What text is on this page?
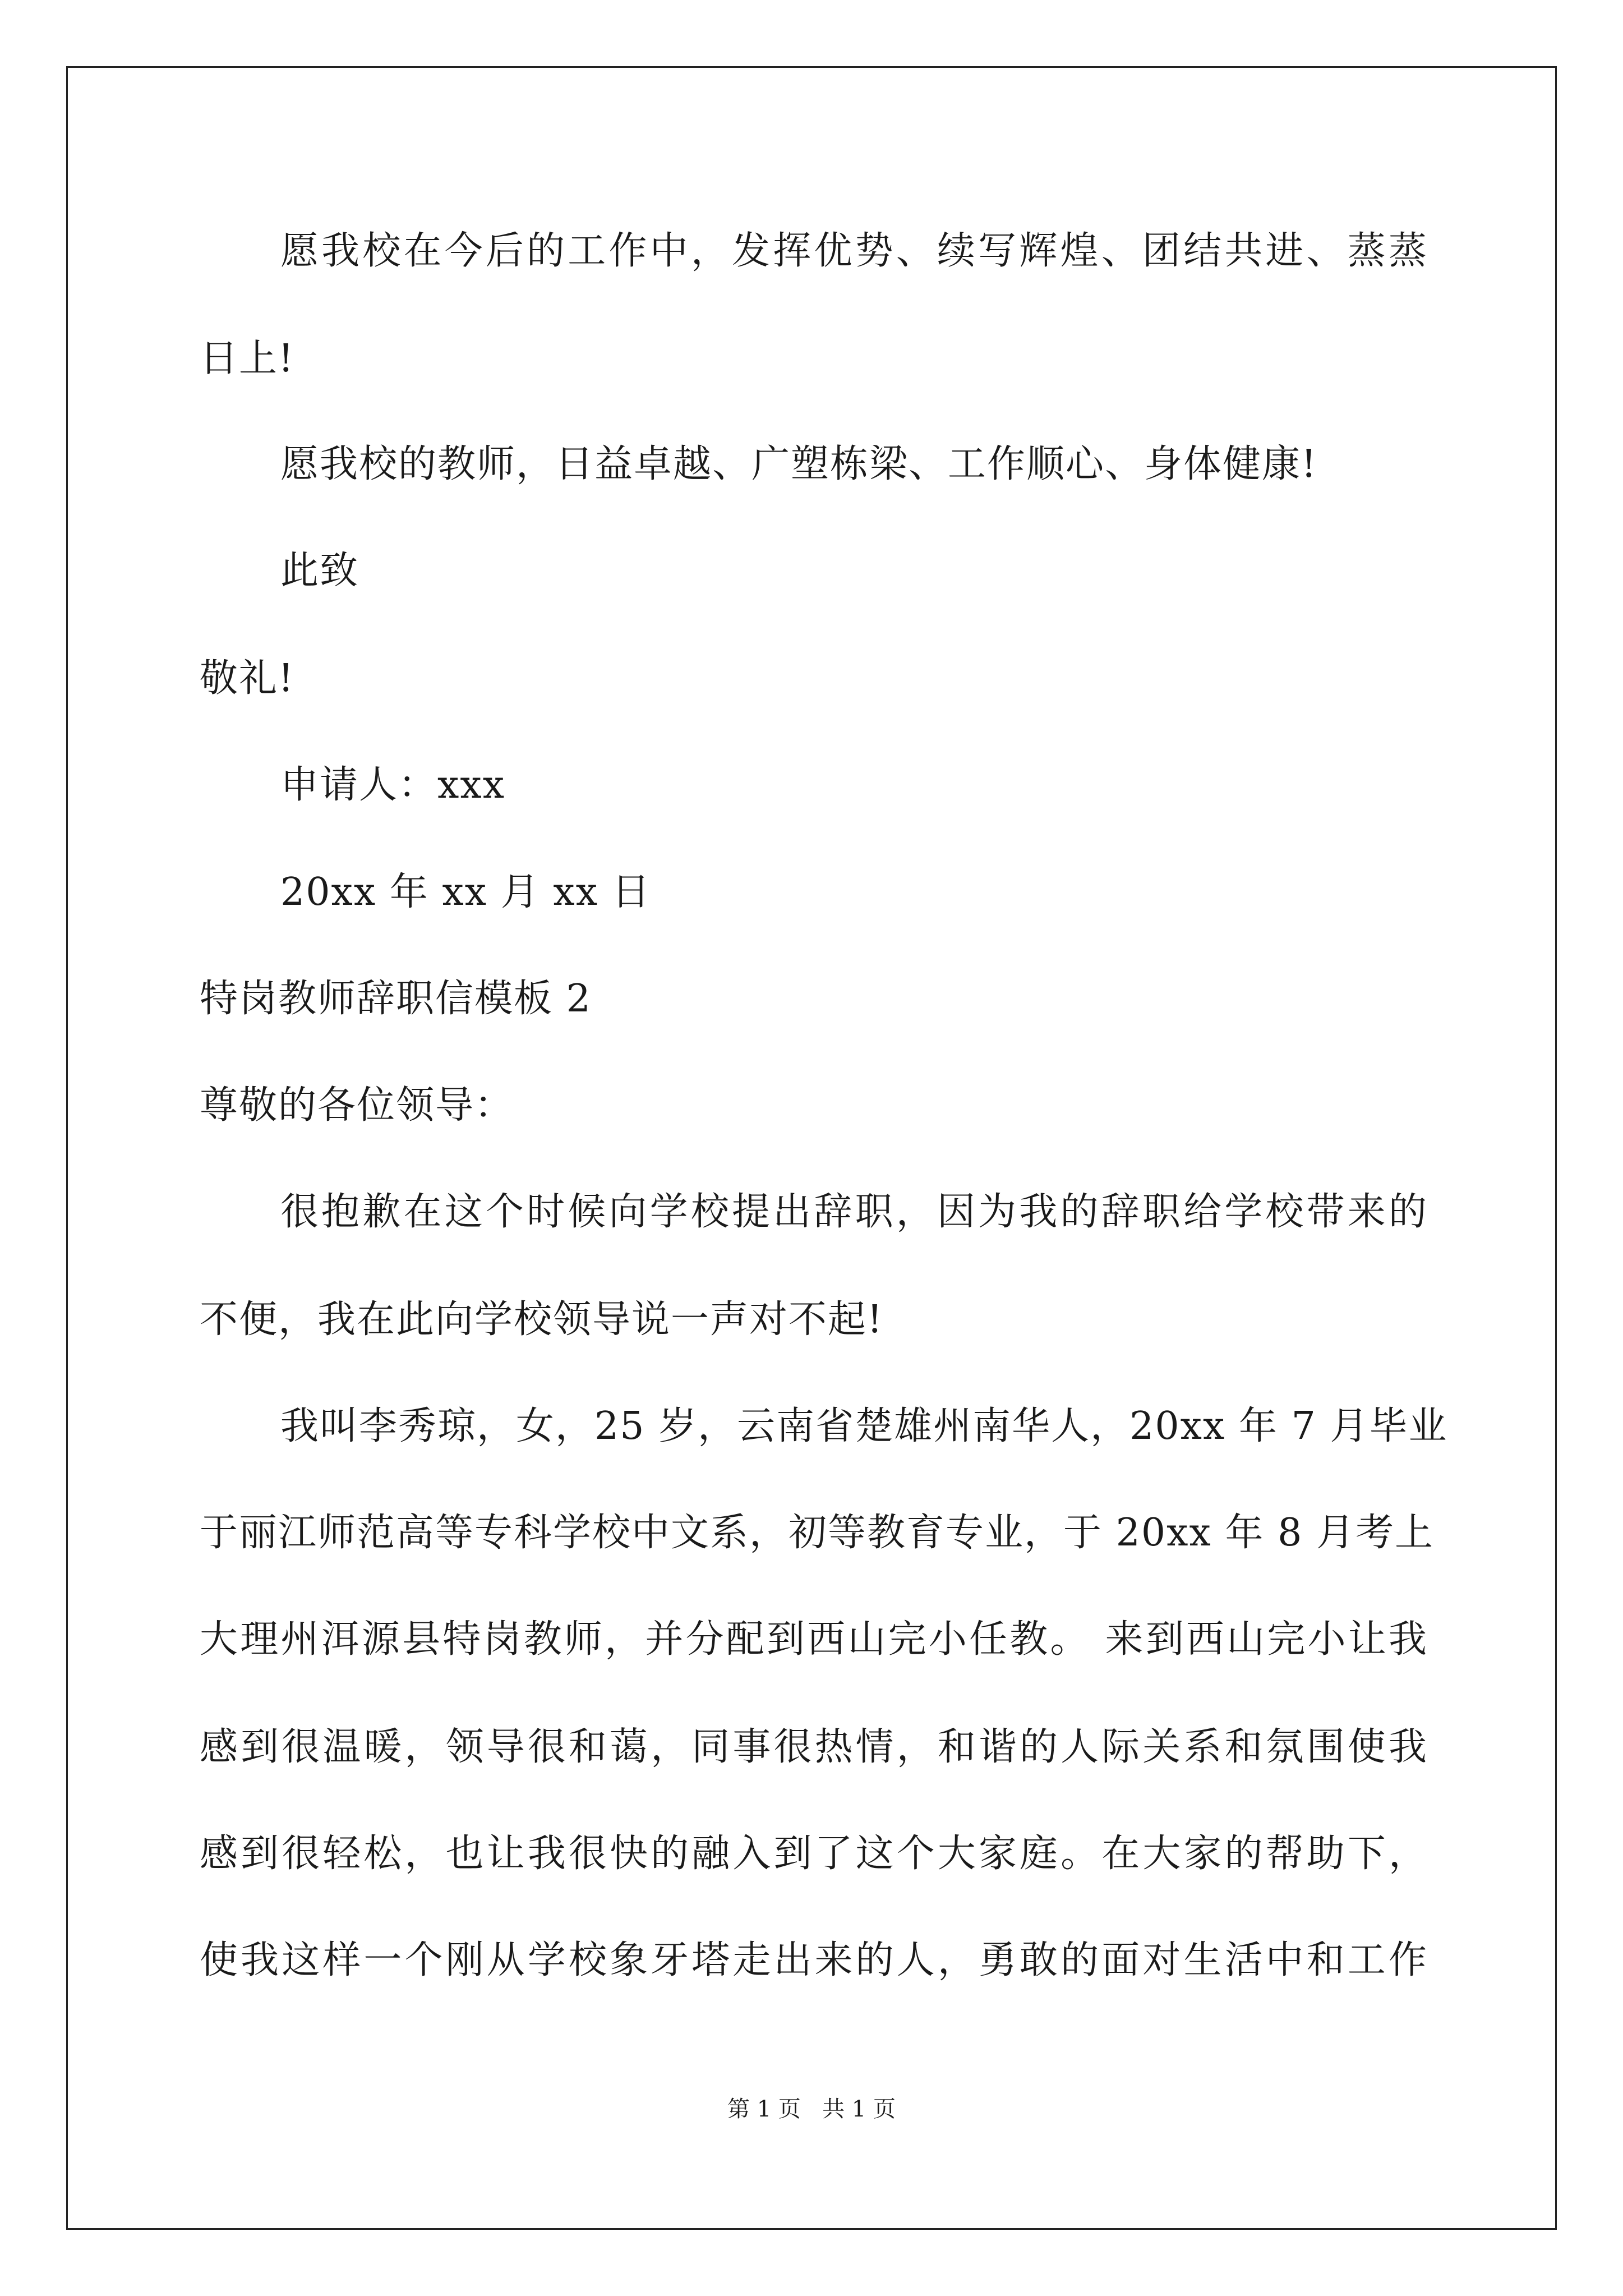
愿我校在今后的工作中，发挥优势、续写辉煌、团结共进、蒸蒸
日上!
愿我校的教师，日益卓越、广塑栋梁、工作顺心、身体健康!
此致
敬礼!
申请人：xxx
20xx 年 xx 月 xx 日
特岗教师辞职信模板 2
尊敬的各位领导：
很抱歉在这个时候向学校提出辞职，因为我的辞职给学校带来的
不便，我在此向学校领导说一声对不起!
我叫李秀琼，女，25 岁，云南省楚雄州南华人，20xx 年 7 月毕业
于丽江师范高等专科学校中文系，初等教育专业，于 20xx 年 8 月考上
大理州洱源县特岗教师，并分配到西山完小任教。 来到西山完小让我
感到很温暖，领导很和蔼，同事很热情，和谐的人际关系和氛围使我
感到很轻松，也让我很快的融入到了这个大家庭。在大家的帮助下，
使我这样一个刚从学校象牙塔走出来的人，勇敢的面对生活中和工作
第 1 页   共 1 页
